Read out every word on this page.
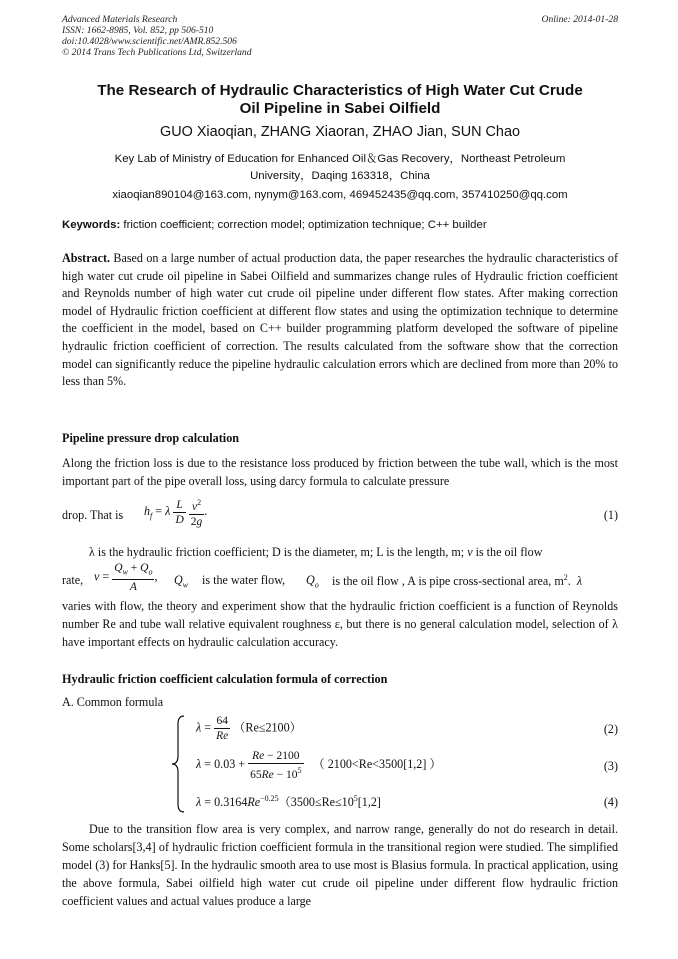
Advanced Materials Research
ISSN: 1662-8985, Vol. 852, pp 506-510
doi:10.4028/www.scientific.net/AMR.852.506
© 2014 Trans Tech Publications Ltd, Switzerland
Online: 2014-01-28
The Research of Hydraulic Characteristics of High Water Cut Crude
Oil Pipeline in Sabei Oilfield
GUO Xiaoqian, ZHANG Xiaoran, ZHAO Jian, SUN Chao
Key Lab of Ministry of Education for Enhanced Oil＆Gas Recovery，Northeast Petroleum
University，Daqing 163318，China
xiaoqian890104@163.com, nynym@163.com, 469452435@qq.com, 357410250@qq.com
Keywords: friction coefficient; correction model; optimization technique; C++ builder
Abstract. Based on a large number of actual production data, the paper researches the hydraulic characteristics of high water cut crude oil pipeline in Sabei Oilfield and summarizes change rules of Hydraulic friction coefficient and Reynolds number of high water cut crude oil pipeline under different flow states. After making correction model of Hydraulic friction coefficient at different flow states and using the optimization technique to determine the coefficient in the model, based on C++ builder programming platform developed the software of pipeline hydraulic friction coefficient of correction. The results calculated from the software show that the correction model can significantly reduce the pipeline hydraulic calculation errors which are declined from more than 20% to less than 5%.
Pipeline pressure drop calculation
Along the friction loss is due to the resistance loss produced by friction between the tube wall, which is the most important part of the pipe overall loss, using darcy formula to calculate pressure
drop. That is $h_f = \lambda \frac{L}{D}$
$\frac{v^2}{2g}$ .	(1)
λ is the hydraulic friction coefficient; D is the diameter, m; L is the length, m; v is the oil flow
rate, $v = \frac{Q_w + Q_o}{A}$ , $Q_w$ is the water flow, $Q_o$ is the oil flow , A is pipe cross-sectional area, $m^2$.  λ
varies with flow, the theory and experiment show that the hydraulic friction coefficient is a function of Reynolds number Re and tube wall relative equivalent roughness ε, but there is no general calculation model, selection of λ have important effects on hydraulic calculation accuracy.
Hydraulic friction coefficient calculation formula of correction
A. Common formula
$\lambda = \frac{64}{Re} (Re\le 2100)$	(2)
$\lambda = 0.03 + \frac{Re - 2100}{65Re - 10^5}$ （ 2100<Re<3500[1,2] ）	(3)
$\lambda = 0.3164Re^{-0.25}(3500\le Re\le 10^5[1,2]$	(4)
Due to the transition flow area is very complex, and narrow range, generally do not do research in detail. Some scholars[3,4] of hydraulic friction coefficient formula in the transitional region were studied. The simplified model (3) for Hanks[5]. In the hydraulic smooth area to use most is Blasius formula. In practical application, using the above formula, Sabei oilfield high water cut crude oil pipeline under different flow hydraulic friction coefficient values and actual values produce a large
